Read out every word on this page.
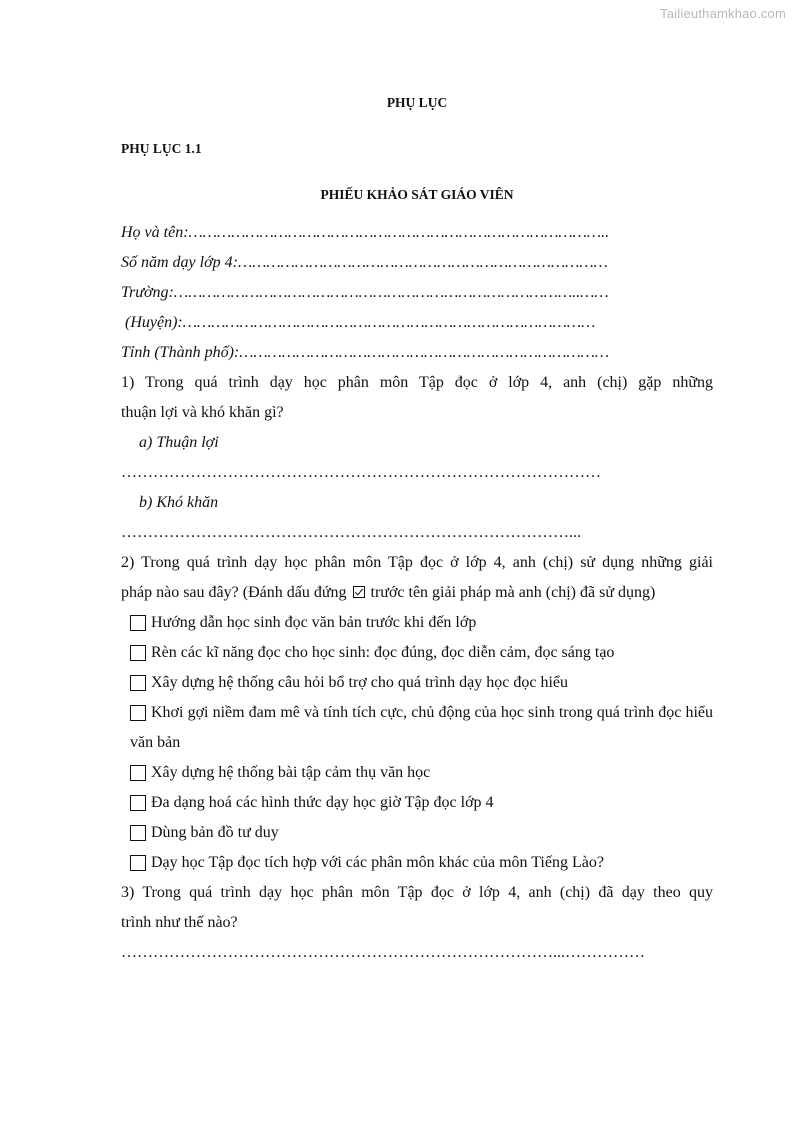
Tailieuthamkhao.com
PHỤ LỤC
PHỤ LỤC 1.1
PHIẾU KHẢO SÁT GIÁO VIÊN
Họ và tên:……………………………………………………………………………..
Số năm dạy lớp 4:……………………………………………………………………
Trường:…………………………………………………………………………..……
(Huyện):……………………………………………………………………………
Tỉnh (Thành phố):……………………………………………………………………
1) Trong quá trình dạy học phân môn Tập đọc ở lớp 4, anh (chị) gặp những
thuận lợi và khó khăn gì?
a) Thuận lợi
………………………………………………………………………………
b) Khó khăn
…………………………………………………………………………...
2) Trong quá trình dạy học phân môn Tập đọc ở lớp 4, anh (chị) sử dụng những giải
pháp nào sau đây? (Đánh dấu đứng trước tên giải pháp mà anh (chị) đã sử dụng)
Hướng dẫn học sinh đọc văn bản trước khi đến lớp
Rèn các kĩ năng đọc cho học sinh: đọc đúng, đọc diễn cảm, đọc sáng tạo
Xây dựng hệ thống câu hỏi bổ trợ cho quá trình dạy học đọc hiểu
Khơi gợi niềm đam mê và tính tích cực, chủ động của học sinh trong quá trình đọc hiểu văn bản
Xây dựng hệ thống bài tập cảm thụ văn học
Đa dạng hoá các hình thức dạy học giờ Tập đọc lớp 4
Dùng bản đồ tư duy
Dạy học Tập đọc tích hợp với các phân môn khác của môn Tiếng Lào?
3) Trong quá trình dạy học phân môn Tập đọc ở lớp 4, anh (chị) đã dạy theo quy
trình như thế nào?
………………………………………………………………………...……………
